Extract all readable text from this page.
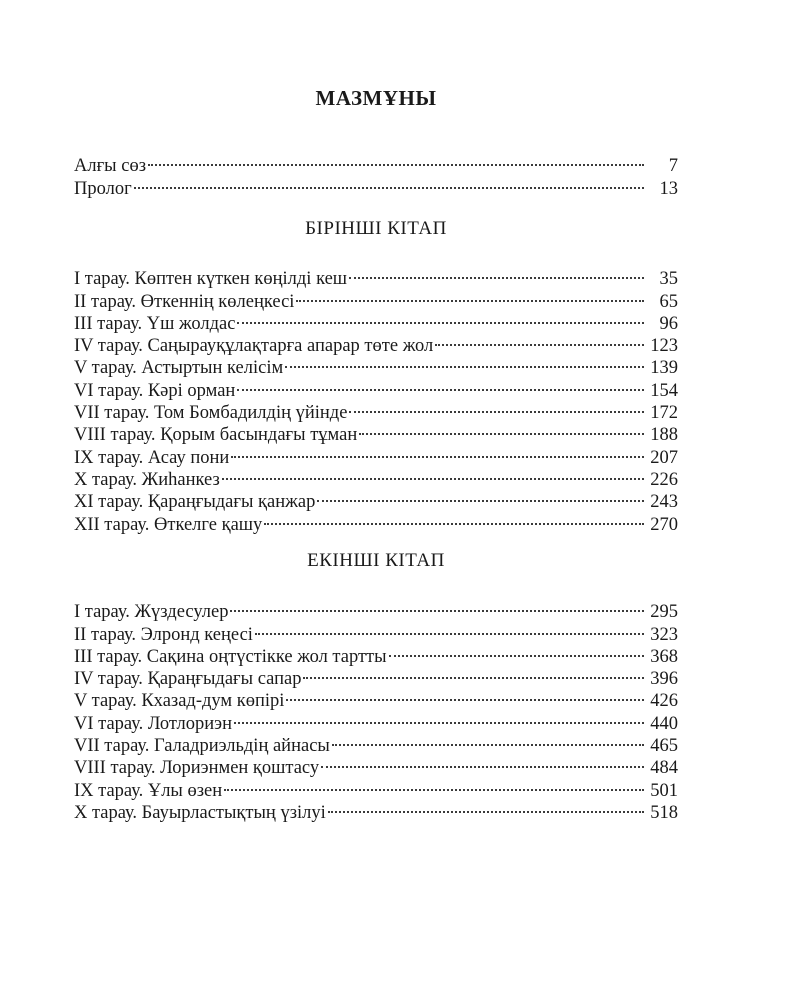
МАЗМҰНЫ
Алғы сөз	7
Пролог	13
БІРІНШІ КІТАП
I тарау. Көптен күткен көңілді кеш	35
II тарау. Өткеннің көлеңкесі	65
III тарау. Үш жолдас	96
IV тарау. Саңырауқұлақтарға апарар төте жол	123
V тарау. Астыртын келісім	139
VI тарау. Кәрі орман	154
VII тарау. Том Бомбадилдің үйінде	172
VIII тарау. Қорым басындағы тұман	188
IX тарау. Асау пони	207
X тарау. Жиһанкез	226
XI тарау. Қараңғыдағы қанжар	243
XII тарау. Өткелге қашу	270
ЕКІНШІ КІТАП
I тарау. Жүздесулер	295
II тарау. Элронд кеңесі	323
III тарау. Сақина оңтүстікке жол тартты	368
IV тарау. Қараңғыдағы сапар	396
V тарау. Кхазад-дум көпірі	426
VI тарау. Лотлориэн	440
VII тарау. Галадриэльдің айнасы	465
VIII тарау. Лориэнмен қоштасу	484
IX тарау. Ұлы өзен	501
X тарау. Бауырластықтың үзілуі	518
